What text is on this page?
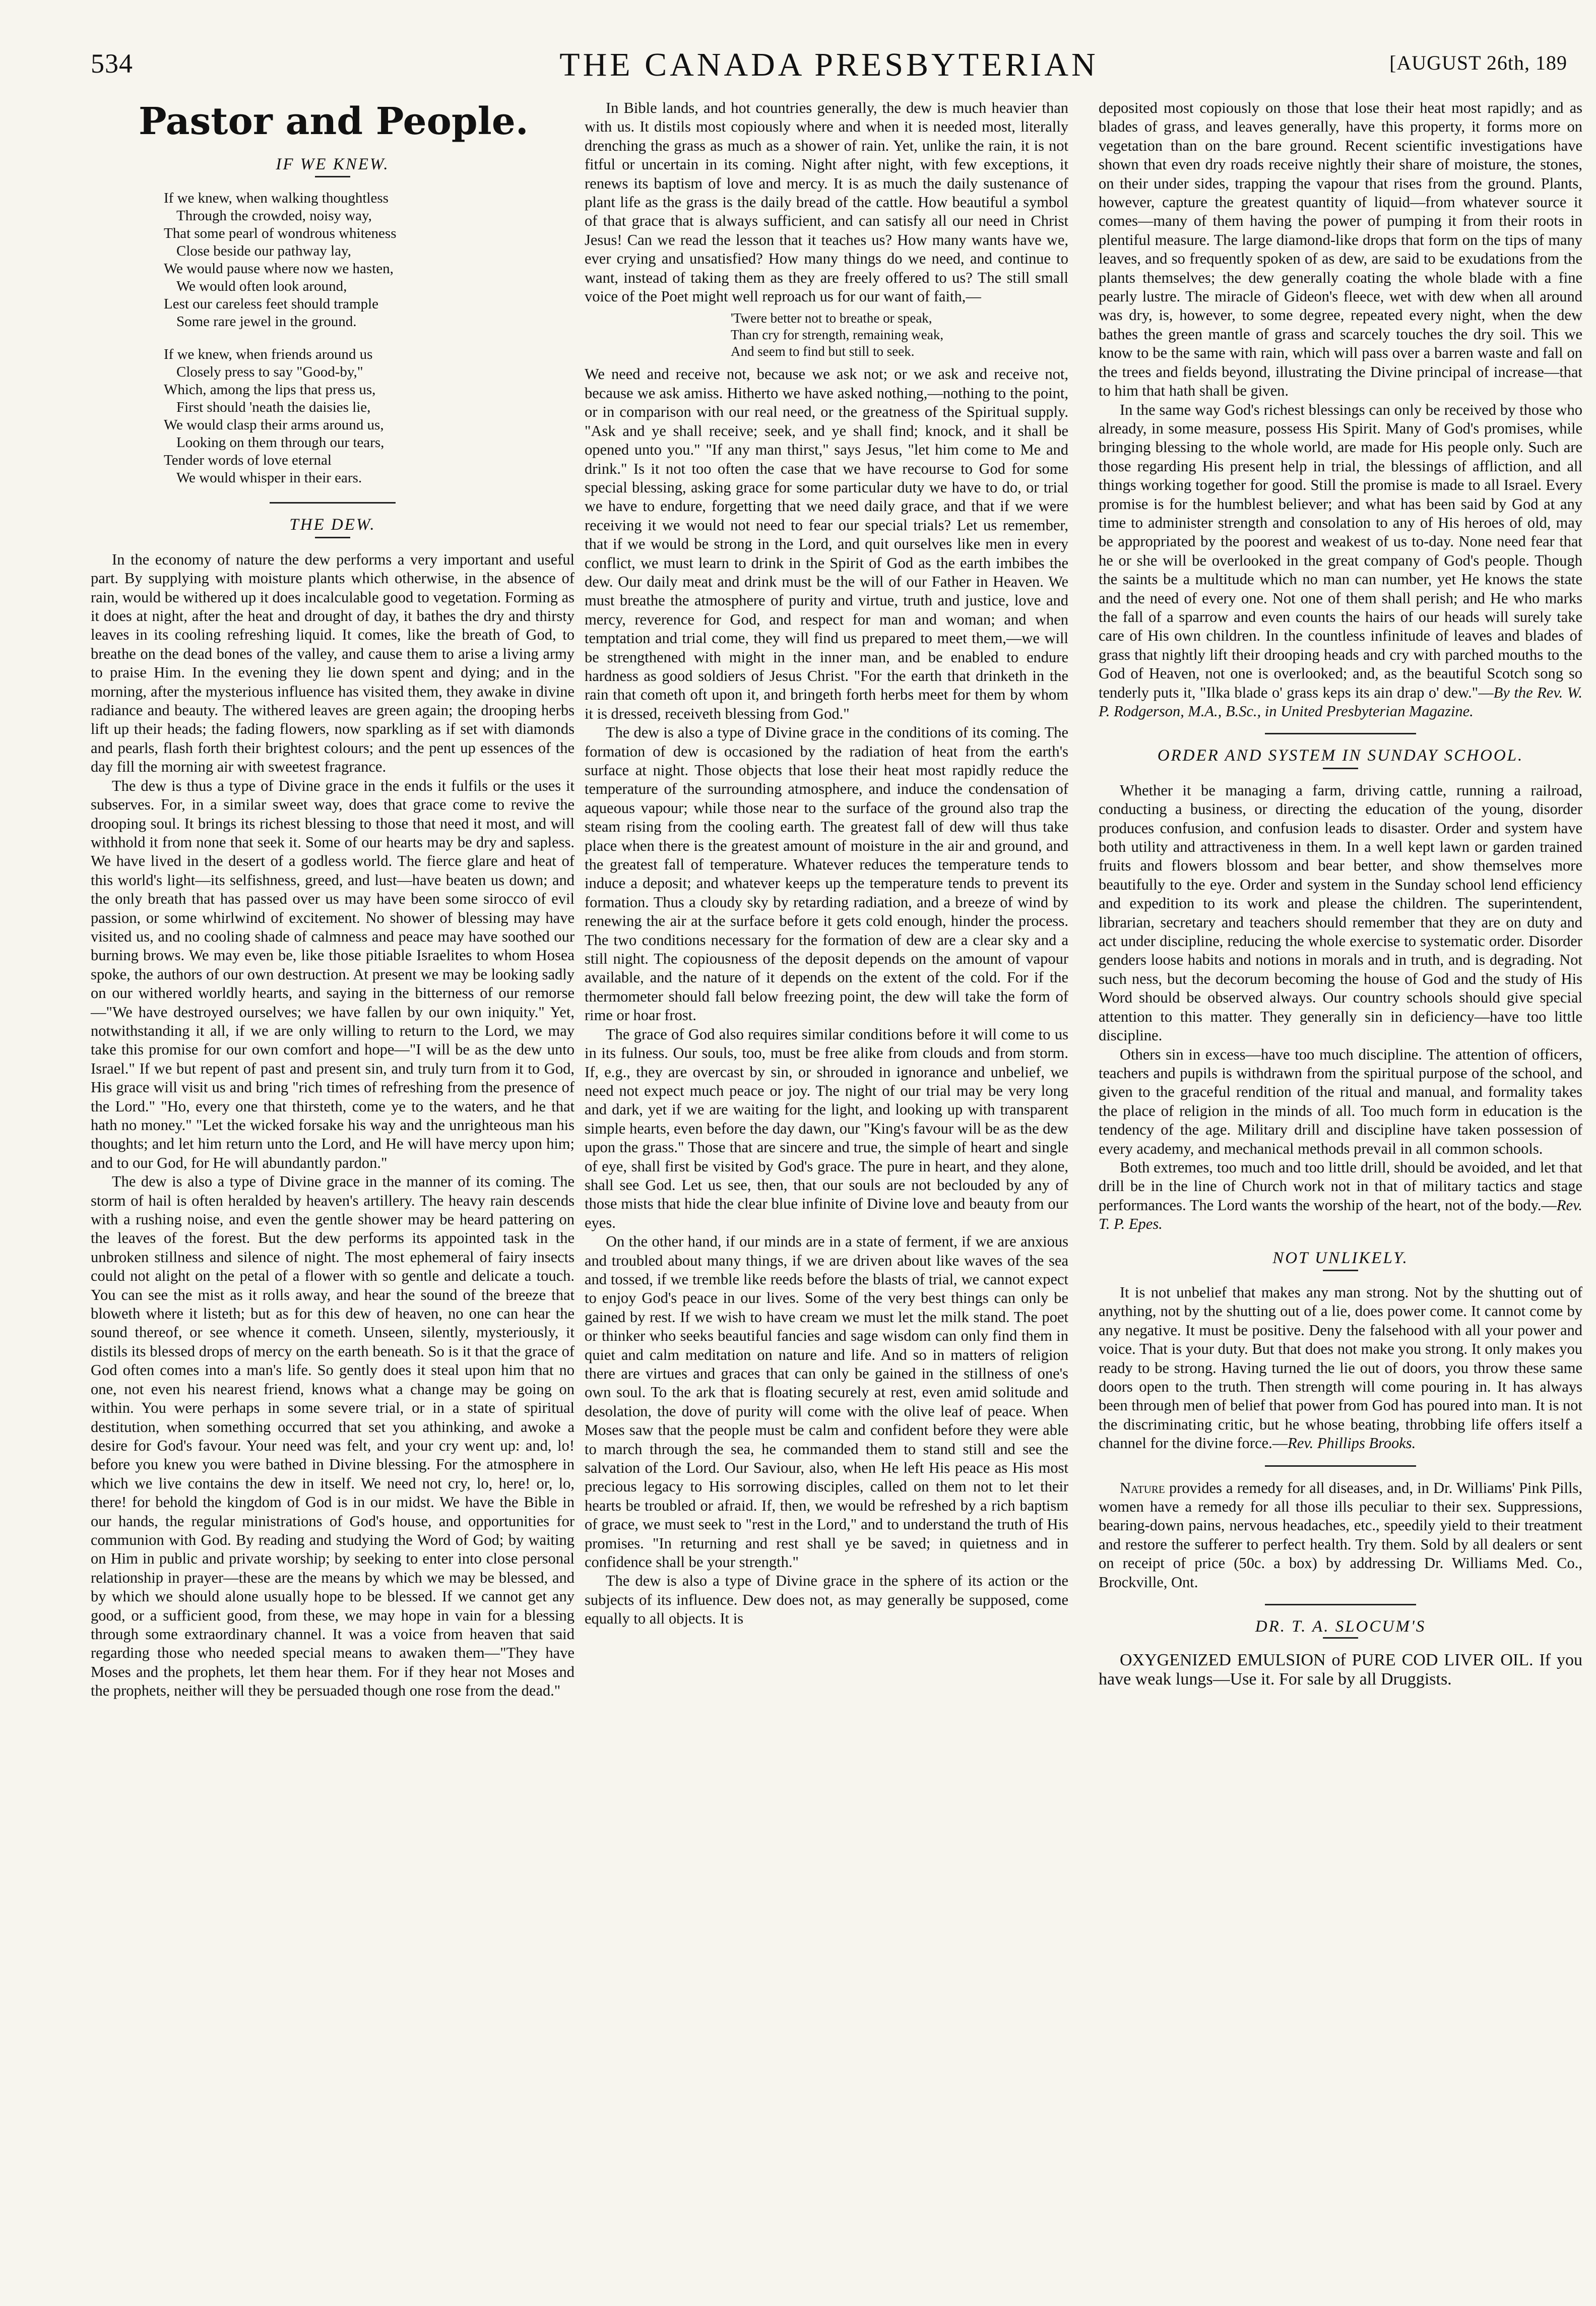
534	THE CANADA PRESBYTERIAN	[AUGUST 26th, 189
Pastor and People.
IF WE KNEW.
If we knew, when walking thoughtless
Through the crowded, noisy way,
That some pearl of wondrous whiteness
Close beside our pathway lay,
We would pause where now we hasten,
We would often look around,
Lest our careless feet should trample
Some rare jewel in the ground.
If we knew, when friends around us
Closely press to say "Good-by,"
Which, among the lips that press us,
First should 'neath the daisies lie,
We would clasp their arms around us,
Looking on them through our tears,
Tender words of love eternal
We would whisper in their ears.
THE DEW.

In the economy of nature the dew performs a very important and useful part. By supplying with moisture plants which otherwise, in the absence of rain, would be withered up it does incalculable good to vegetation. Forming as it does at night, after the heat and drought of day, it bathes the dry and thirsty leaves in its cooling refreshing liquid. It comes, like the breath of God, to breathe on the dead bones of the valley, and cause them to arise a living army to praise Him. In the evening they lie down spent and dying; and in the morning, after the mysterious influence has visited them, they awake in divine radiance and beauty. The withered leaves are green again; the drooping herbs lift up their heads; the fading flowers, now sparkling as if set with diamonds and pearls, flash forth their brightest colours; and the pent up essences of the day fill the morning air with sweetest fragrance.

The dew is thus a type of Divine grace in the ends it fulfils or the uses it subserves. For, in a similar sweet way, does that grace come to revive the drooping soul. It brings its richest blessing to those that need it most, and will withhold it from none that seek it. Some of our hearts may be dry and sapless. We have lived in the desert of a godless world. The fierce glare and heat of this world's light—its selfishness, greed, and lust—have beaten us down; and the only breath that has passed over us may have been some sirocco of evil passion, or some whirlwind of excitement. No shower of blessing may have visited us, and no cooling shade of calmness and peace may have soothed our burning brows. We may even be, like those pitiable Israelites to whom Hosea spoke, the authors of our own destruction. At present we may be looking sadly on our withered worldly hearts, and saying in the bitterness of our remorse—"We have destroyed ourselves; we have fallen by our own iniquity." Yet, notwithstanding it all, if we are only willing to return to the Lord, we may take this promise for our own comfort and hope—"I will be as the dew unto Israel." If we but repent of past and present sin, and truly turn from it to God, His grace will visit us and bring "rich times of refreshing from the presence of the Lord." "Ho, every one that thirsteth, come ye to the waters, and he that hath no money." "Let the wicked forsake his way and the unrighteous man his thoughts; and let him return unto the Lord, and He will have mercy upon him; and to our God, for He will abundantly pardon."

The dew is also a type of Divine grace in the manner of its coming. The storm of hail is often heralded by heaven's artillery. The heavy rain descends with a rushing noise, and even the gentle shower may be heard pattering on the leaves of the forest. But the dew performs its appointed task in the unbroken stillness and silence of night. The most ephemeral of fairy insects could not alight on the petal of a flower with so gentle and delicate a touch. You can see the mist as it rolls away, and hear the sound of the breeze that bloweth where it listeth; but as for this dew of heaven, no one can hear the sound thereof, or see whence it cometh. Unseen, silently, mysteriously, it distils its blessed drops of mercy on the earth beneath. So is it that the grace of God often comes into a man's life. So gently does it steal upon him that no one, not even his nearest friend, knows what a change may be going on within. You were perhaps in some severe trial, or in a state of spiritual destitution, when something occurred that set you athinking, and awoke a desire for God's favour. Your need was felt, and your cry went up: and, lo! before you knew you were bathed in Divine blessing. For the atmosphere in which we live contains the dew in itself. We need not cry, lo, here! or, lo, there! for behold the kingdom of God is in our midst. We have the Bible in our hands, the regular ministrations of God's house, and opportunities for communion with God. By reading and studying the Word of God; by waiting on Him in public and private worship; by seeking to enter into close personal relationship in prayer—these are the means by which we may be blessed, and by which we should alone usually hope to be blessed. If we cannot get any good, or a sufficient good, from these, we may hope in vain for a blessing through some extraordinary channel. It was a voice from heaven that said regarding those who needed special means to awaken them—"They have Moses and the prophets, let them hear them. For if they hear not Moses and the prophets, neither will they be persuaded though one rose from the dead."

In Bible lands, and hot countries generally, the dew is much heavier than with us. It distils most copiously where and when it is needed most, literally drenching the grass as much as a shower of rain. Yet, unlike the rain, it is not fitful or uncertain in its coming. Night after night, with few exceptions, it renews its baptism of love and mercy. It is as much the daily sustenance of plant life as the grass is the daily bread of the cattle. How beautiful a symbol of that grace that is always sufficient, and can satisfy all our need in Christ Jesus! Can we read the lesson that it teaches us? How many wants have we, ever crying and unsatisfied? How many things do we need, and continue to want, instead of taking them as they are freely offered to us? The still small voice of the Poet might well reproach us for our want of faith,—

'Twere better not to breathe or speak,
Than cry for strength, remaining weak,
And seem to find but still to seek.

We need and receive not, because we ask not; or we ask and receive not, because we ask amiss. Hitherto we have asked nothing,—nothing to the point, or in comparison with our real need, or the greatness of the Spiritual supply. "Ask and ye shall receive; seek, and ye shall find; knock, and it shall be opened unto you." "If any man thirst," says Jesus, "let him come to Me and drink." Is it not too often the case that we have recourse to God for some special blessing, asking grace for some particular duty we have to do, or trial we have to endure, forgetting that we need daily grace, and that if we were receiving it we would not need to fear our special trials? Let us remember, that if we would be strong in the Lord, and quit ourselves like men in every conflict, we must learn to drink in the Spirit of God as the earth imbibes the dew. Our daily meat and drink must be the will of our Father in Heaven. We must breathe the atmosphere of purity and virtue, truth and justice, love and mercy, reverence for God, and respect for man and woman; and when temptation and trial come, they will find us prepared to meet them,—we will be strengthened with might in the inner man, and be enabled to endure hardness as good soldiers of Jesus Christ. "For the earth that drinketh in the rain that cometh oft upon it, and bringeth forth herbs meet for them by whom it is dressed, receiveth blessing from God."

The dew is also a type of Divine grace in the conditions of its coming. The formation of dew is occasioned by the radiation of heat from the earth's surface at night. Those objects that lose their heat most rapidly reduce the temperature of the surrounding atmosphere, and induce the condensation of aqueous vapour; while those near to the surface of the ground also trap the steam rising from the cooling earth. The greatest fall of dew will thus take place when there is the greatest amount of moisture in the air and ground, and the greatest fall of temperature. Whatever reduces the temperature tends to induce a deposit; and whatever keeps up the temperature tends to prevent its formation. Thus a cloudy sky by retarding radiation, and a breeze of wind by renewing the air at the surface before it gets cold enough, hinder the process. The two conditions necessary for the formation of dew are a clear sky and a still night. The copiousness of the deposit depends on the amount of vapour available, and the nature of it depends on the extent of the cold. For if the thermometer should fall below freezing point, the dew will take the form of rime or hoar frost.

The grace of God also requires similar conditions before it will come to us in its fulness. Our souls, too, must be free alike from clouds and from storm. If, e.g., they are overcast by sin, or shrouded in ignorance and unbelief, we need not expect much peace or joy. The night of our trial may be very long and dark, yet if we are waiting for the light, and looking up with transparent simple hearts, even before the day dawn, our "King's favour will be as the dew upon the grass." Those that are sincere and true, the simple of heart and single of eye, shall first be visited by God's grace. The pure in heart, and they alone, shall see God. Let us see, then, that our souls are not beclouded by any of those mists that hide the clear blue infinite of Divine love and beauty from our eyes.

On the other hand, if our minds are in a state of ferment, if we are anxious and troubled about many things, if we are driven about like waves of the sea and tossed, if we tremble like reeds before the blasts of trial, we cannot expect to enjoy God's peace in our lives. Some of the very best things can only be gained by rest. If we wish to have cream we must let the milk stand. The poet or thinker who seeks beautiful fancies and sage wisdom can only find them in quiet and calm meditation on nature and life. And so in matters of religion there are virtues and graces that can only be gained in the stillness of one's own soul. To the ark that is floating securely at rest, even amid solitude and desolation, the dove of purity will come with the olive leaf of peace. When Moses saw that the people must be calm and confident before they were able to march through the sea, he commanded them to stand still and see the salvation of the Lord. Our Saviour, also, when He left His peace as His most precious legacy to His sorrowing disciples, called on them not to let their hearts be troubled or afraid. If, then, we would be refreshed by a rich baptism of grace, we must seek to "rest in the Lord," and to understand the truth of His promises. "In returning and rest shall ye be saved; in quietness and in confidence shall be your strength."

The dew is also a type of Divine grace in the sphere of its action or the subjects of its influence. Dew does not, as may generally be supposed, come equally to all objects. It is

deposited most copiously on those that lose their heat most rapidly; and as blades of grass, and leaves generally, have this property, it forms more on vegetation than on the bare ground. Recent scientific investigations have shown that even dry roads receive nightly their share of moisture, the stones, on their under sides, trapping the vapour that rises from the ground. Plants, however, capture the greatest quantity of liquid—from whatever source it comes—many of them having the power of pumping it from their roots in plentiful measure. The large diamond-like drops that form on the tips of many leaves, and so frequently spoken of as dew, are said to be exudations from the plants themselves; the dew generally coating the whole blade with a fine pearly lustre. The miracle of Gideon's fleece, wet with dew when all around was dry, is, however, to some degree, repeated every night, when the dew bathes the green mantle of grass and scarcely touches the dry soil. This we know to be the same with rain, which will pass over a barren waste and fall on the trees and fields beyond, illustrating the Divine principal of increase—that to him that hath shall be given.

In the same way God's richest blessings can only be received by those who already, in some measure, possess His Spirit. Many of God's promises, while bringing blessing to the whole world, are made for His people only. Such are those regarding His present help in trial, the blessings of affliction, and all things working together for good. Still the promise is made to all Israel. Every promise is for the humblest believer; and what has been said by God at any time to administer strength and consolation to any of His heroes of old, may be appropriated by the poorest and weakest of us to-day. None need fear that he or she will be overlooked in the great company of God's people. Though the saints be a multitude which no man can number, yet He knows the state and the need of every one. Not one of them shall perish; and He who marks the fall of a sparrow and even counts the hairs of our heads will surely take care of His own children. In the countless infinitude of leaves and blades of grass that nightly lift their drooping heads and cry with parched mouths to the God of Heaven, not one is overlooked; and, as the beautiful Scotch song so tenderly puts it, "Ilka blade o' grass keps its ain drap o' dew."—By the Rev. W. P. Rodgerson, M.A., B.Sc., in United Presbyterian Magazine.

ORDER AND SYSTEM IN SUNDAY SCHOOL.

Whether it be managing a farm, driving cattle, running a railroad, conducting a business, or directing the education of the young, disorder produces confusion, and confusion leads to disaster. Order and system have both utility and attractiveness in them. In a well kept lawn or garden trained fruits and flowers blossom and bear better, and show themselves more beautifully to the eye. Order and system in the Sunday school lend efficiency and expedition to its work and please the children. The superintendent, librarian, secretary and teachers should remember that they are on duty and act under discipline, reducing the whole exercise to systematic order. Disorder genders loose habits and notions in morals and in truth, and is degrading. Not such ness, but the decorum becoming the house of God and the study of His Word should be observed always. Our country schools should give special attention to this matter. They generally sin in deficiency—have too little discipline.

Others sin in excess—have too much discipline. The attention of officers, teachers and pupils is withdrawn from the spiritual purpose of the school, and given to the graceful rendition of the ritual and manual, and formality takes the place of religion in the minds of all. Too much form in education is the tendency of the age. Military drill and discipline have taken possession of every academy, and mechanical methods prevail in all common schools.

Both extremes, too much and too little drill, should be avoided, and let that drill be in the line of Church work not in that of military tactics and stage performances. The Lord wants the worship of the heart, not of the body.—Rev. T. P. Epes.

NOT UNLIKELY.

It is not unbelief that makes any man strong. Not by the shutting out of anything, not by the shutting out of a lie, does power come. It cannot come by any negative. It must be positive. Deny the falsehood with all your power and voice. That is your duty. But that does not make you strong. It only makes you ready to be strong. Having turned the lie out of doors, you throw these same doors open to the truth. Then strength will come pouring in. It has always been through men of belief that power from God has poured into man. It is not the discriminating critic, but he whose beating, throbbing life offers itself a channel for the divine force.—Rev. Phillips Brooks.

Nature provides a remedy for all diseases, and, in Dr. Williams' Pink Pills, women have a remedy for all those ills peculiar to their sex. Suppressions, bearing-down pains, nervous headaches, etc., speedily yield to their treatment and restore the sufferer to perfect health. Try them. Sold by all dealers or sent on receipt of price (50c. a box) by addressing Dr. Williams Med. Co., Brockville, Ont.

DR. T. A. SLOCUM'S

OXYGENIZED EMULSION of PURE COD LIVER OIL. If you have weak lungs—Use it. For sale by all Druggists.
